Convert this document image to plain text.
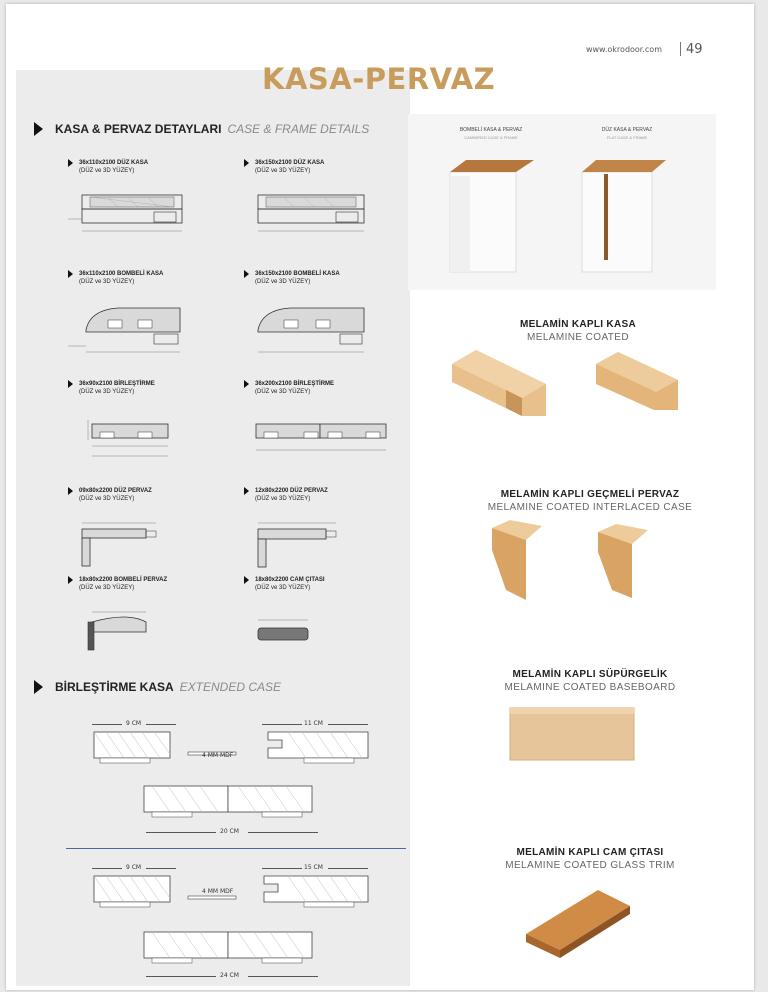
www.okrodoor.com 49
KASA-PERVAZ
KASA & PERVAZ DETAYLARI CASE & FRAME DETAILS
36x110x2100 DÜZ KASA
(DÜZ ve 3D YÜZEY)
36x150x2100 DÜZ KASA
(DÜZ ve 3D YÜZEY)
36x110x2100 BOMBELİ KASA
(DÜZ ve 3D YÜZEY)
36x150x2100 BOMBELİ KASA
(DÜZ ve 3D YÜZEY)
36x90x2100 BİRLEŞTİRME
(DÜZ ve 3D YÜZEY)
36x200x2100 BİRLEŞTİRME
(DÜZ ve 3D YÜZEY)
09x80x2200 DÜZ PERVAZ
(DÜZ ve 3D YÜZEY)
12x80x2200 DÜZ PERVAZ
(DÜZ ve 3D YÜZEY)
18x80x2200 BOMBELİ PERVAZ
(DÜZ ve 3D YÜZEY)
18x80x2200 CAM ÇITASI
(DÜZ ve 3D YÜZEY)
BİRLEŞTİRME KASA EXTENDED CASE
9 CM	11 CM
4 MM MDF
20 CM
9 CM	15 CM
4 MM MDF
24 CM
BOMBELİ KASA & PERVAZ
CAMBERED CASE & FRAME
DÜZ KASA & PERVAZ
FLAT CASE & FRAME
MELAMİN KAPLI KASA
MELAMINE COATED
MELAMİN KAPLI GEÇMELİ PERVAZ
MELAMINE COATED INTERLACED CASE
MELAMİN KAPLI SÜPÜRGELİK
MELAMINE COATED BASEBOARD
MELAMİN KAPLI CAM ÇITASI
MELAMINE COATED GLASS TRIM
